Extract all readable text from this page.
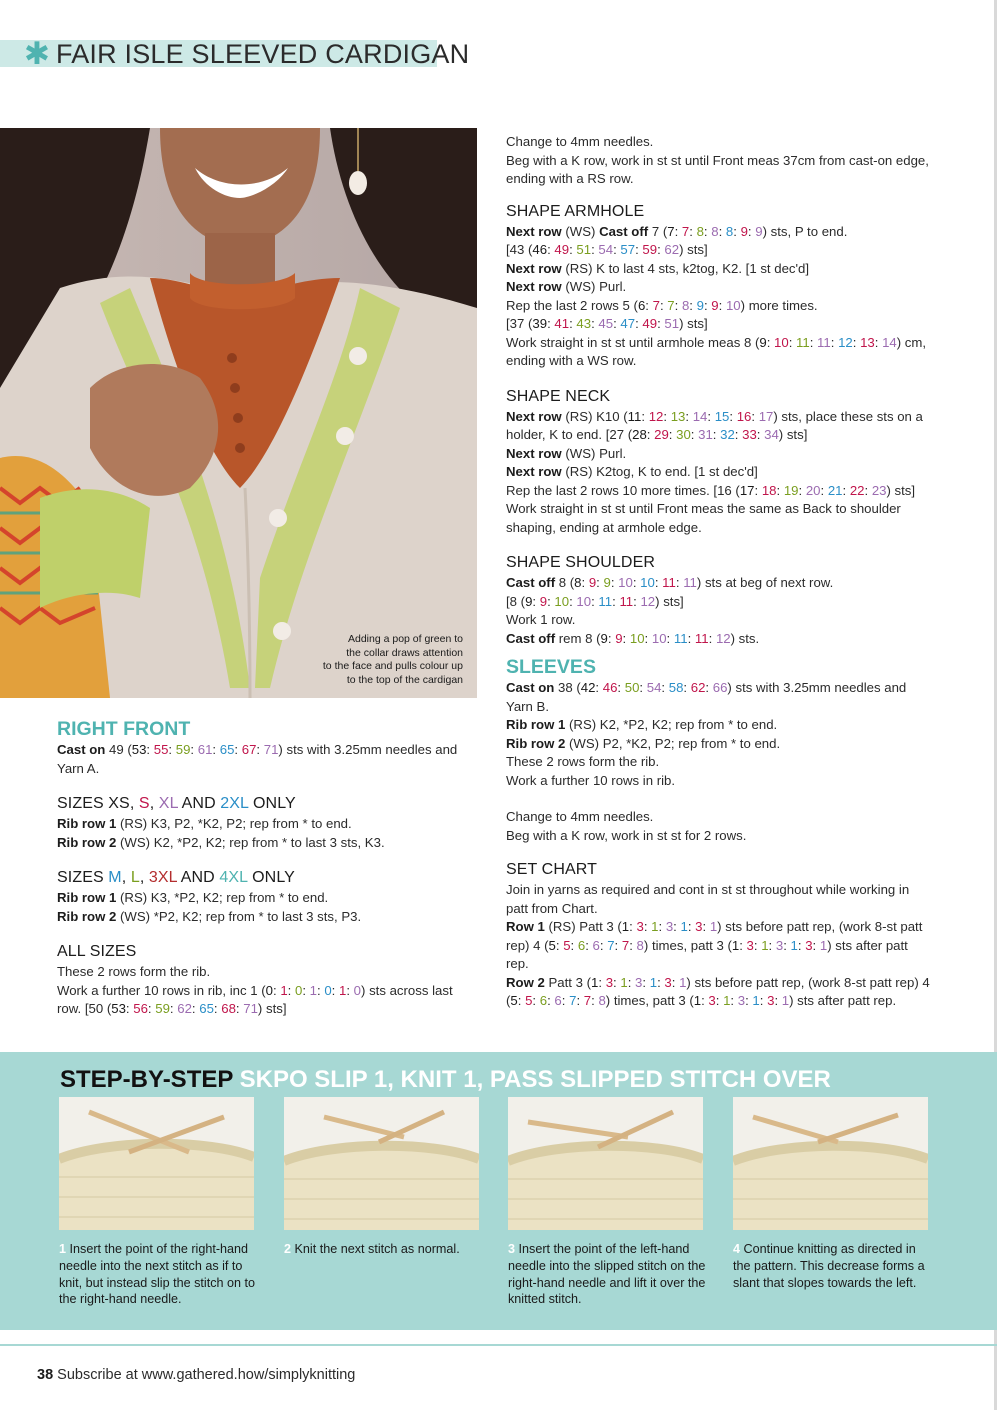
✱ FAIR ISLE SLEEVED CARDIGAN
Adding a pop of green to
the collar draws attention
to the face and pulls colour up
to the top of the cardigan
RIGHT FRONT

Cast on 49 (53: 55: 59: 61: 65: 67: 71) sts with 3.25mm needles and Yarn A.

SIZES XS, S, XL AND 2XL ONLY

Rib row 1 (RS) K3, P2, *K2, P2; rep from * to end.

Rib row 2 (WS) K2, *P2, K2; rep from * to last 3 sts, K3.

SIZES M, L, 3XL AND 4XL ONLY

Rib row 1 (RS) K3, *P2, K2; rep from * to end.

Rib row 2 (WS) *P2, K2; rep from * to last 3 sts, P3.

ALL SIZES

These 2 rows form the rib.

Work a further 10 rows in rib, inc 1 (0: 1: 0: 1: 0: 1: 0) sts across last row. [50 (53: 56: 59: 62: 65: 68: 71) sts]

Change to 4mm needles.

Beg with a K row, work in st st until Front meas 37cm from cast-on edge, ending with a RS row.

SHAPE ARMHOLE

Next row (WS) Cast off 7 (7: 7: 8: 8: 8: 9: 9) sts, P to end.
[43 (46: 49: 51: 54: 57: 59: 62) sts]

Next row (RS) K to last 4 sts, k2tog, K2. [1 st dec'd]

Next row (WS) Purl.

Rep the last 2 rows 5 (6: 7: 7: 8: 9: 9: 10) more times.
[37 (39: 41: 43: 45: 47: 49: 51) sts]

Work straight in st st until armhole meas 8 (9: 10: 11: 11: 12: 13: 14) cm, ending with a WS row.

SHAPE NECK

Next row (RS) K10 (11: 12: 13: 14: 15: 16: 17) sts, place these sts on a holder, K to end. [27 (28: 29: 30: 31: 32: 33: 34) sts]

Next row (WS) Purl.

Next row (RS) K2tog, K to end. [1 st dec'd]

Rep the last 2 rows 10 more times. [16 (17: 18: 19: 20: 21: 22: 23) sts]

Work straight in st st until Front meas the same as Back to shoulder shaping, ending at armhole edge.

SHAPE SHOULDER

Cast off 8 (8: 9: 9: 10: 10: 11: 11) sts at beg of next row.
[8 (9: 9: 10: 10: 11: 11: 12) sts]

Work 1 row.

Cast off rem 8 (9: 9: 10: 10: 11: 11: 12) sts.

SLEEVES

Cast on 38 (42: 46: 50: 54: 58: 62: 66) sts with 3.25mm needles and Yarn B.

Rib row 1 (RS) K2, *P2, K2; rep from * to end.

Rib row 2 (WS) P2, *K2, P2; rep from * to end.

These 2 rows form the rib.

Work a further 10 rows in rib.

Change to 4mm needles.

Beg with a K row, work in st st for 2 rows.

SET CHART

Join in yarns as required and cont in st st throughout while working in patt from Chart.

Row 1 (RS) Patt 3 (1: 3: 1: 3: 1: 3: 1) sts before patt rep, (work 8-st patt rep) 4 (5: 5: 6: 6: 7: 7: 8) times, patt 3 (1: 3: 1: 3: 1: 3: 1) sts after patt rep.

Row 2 Patt 3 (1: 3: 1: 3: 1: 3: 1) sts before patt rep, (work 8-st patt rep) 4 (5: 5: 6: 6: 7: 7: 8) times, patt 3 (1: 3: 1: 3: 1: 3: 1) sts after patt rep.

STEP-BY-STEP SKPO SLIP 1, KNIT 1, PASS SLIPPED STITCH OVER
1 Insert the point of the right-hand needle into the next stitch as if to knit, but instead slip the stitch on to the right-hand needle.
2 Knit the next stitch as normal.	3 Insert the point of the left-hand needle into the slipped stitch on the right-hand needle and lift it over the knitted stitch.
4 Continue knitting as directed in the pattern. This decrease forms a slant that slopes towards the left.
38 Subscribe at www.gathered.how/simplyknitting
